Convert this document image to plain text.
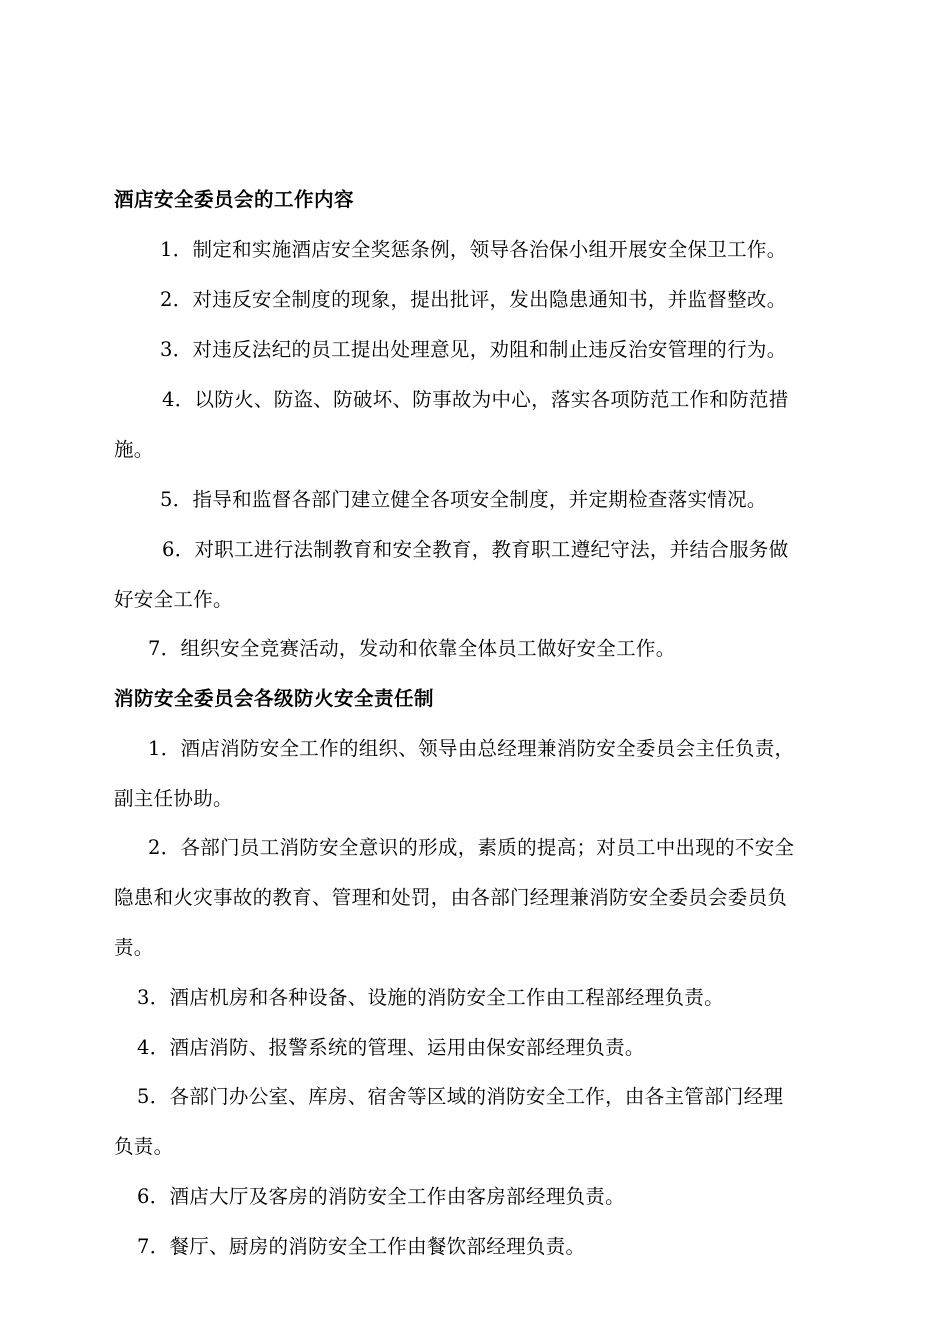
酒店安全委员会的工作内容
1．制定和实施酒店安全奖惩条例，领导各治保小组开展安全保卫工作。
2．对违反安全制度的现象，提出批评，发出隐患通知书，并监督整改。
3．对违反法纪的员工提出处理意见，劝阻和制止违反治安管理的行为。
4．以防火、防盗、防破坏、防事故为中心，落实各项防范工作和防范措
施。
5．指导和监督各部门建立健全各项安全制度，并定期检查落实情况。
6．对职工进行法制教育和安全教育，教育职工遵纪守法，并结合服务做
好安全工作。
7．组织安全竞赛活动，发动和依靠全体员工做好安全工作。
消防安全委员会各级防火安全责任制
1．酒店消防安全工作的组织、领导由总经理兼消防安全委员会主任负责，
副主任协助。
2．各部门员工消防安全意识的形成，素质的提高；对员工中出现的不安全
隐患和火灾事故的教育、管理和处罚，由各部门经理兼消防安全委员会委员负
责。
3．酒店机房和各种设备、设施的消防安全工作由工程部经理负责。
4．酒店消防、报警系统的管理、运用由保安部经理负责。
5．各部门办公室、库房、宿舍等区域的消防安全工作，由各主管部门经理
负责。
6．酒店大厅及客房的消防安全工作由客房部经理负责。
7．餐厅、厨房的消防安全工作由餐饮部经理负责。
